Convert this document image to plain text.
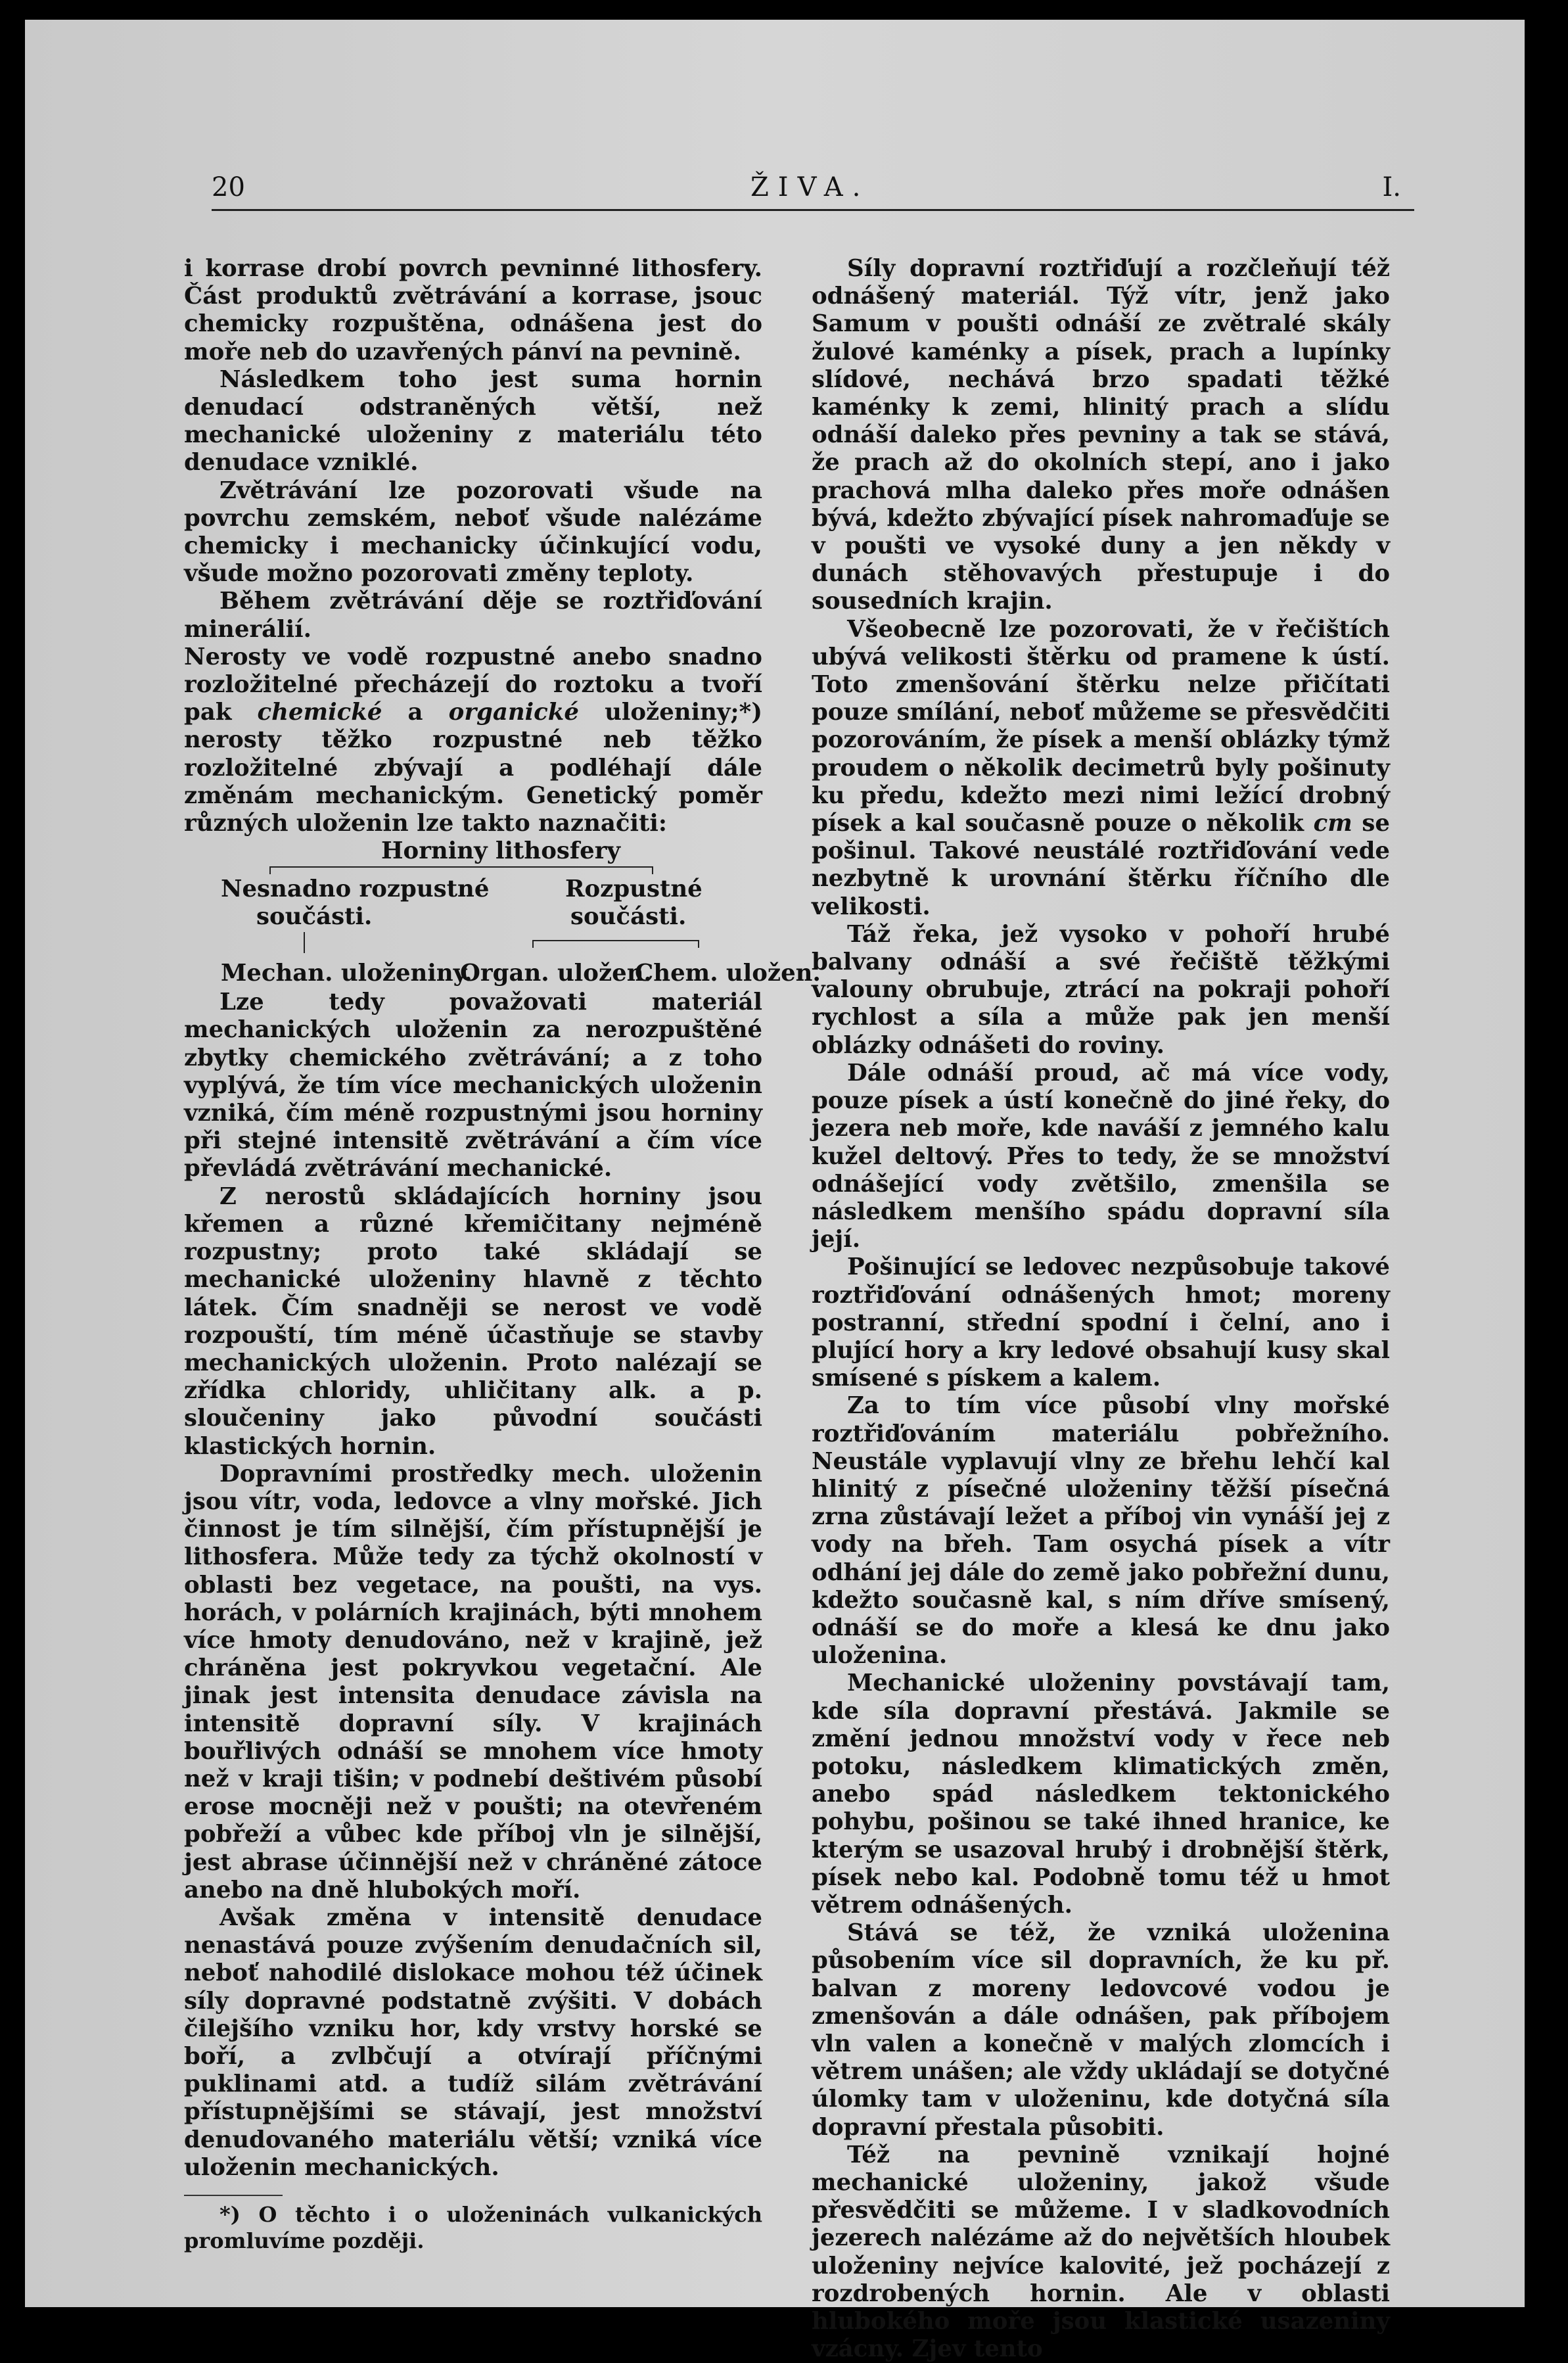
20	ŽIVA.	I.

i korrase drobí povrch pevninné lithosfery. Část produktů zvětrávání a korrase, jsouc chemicky rozpuštěna, odnášena jest do moře neb do uzavřených pánví na pevnině.

Následkem toho jest suma hornin denudací odstraněných větší, než mechanické uloženiny z materiálu této denudace vzniklé.

Zvětrávání lze pozorovati všude na povrchu zemském, neboť všude nalézáme chemicky i mechanicky účinkující vodu, všude možno pozorovati změny teploty.

Během zvětrávání děje se roztřiďování minerálií.

Nerosty ve vodě rozpustné anebo snadno rozložitelné přecházejí do roztoku a tvoří pak chemické a organické uloženiny;*) nerosty těžko rozpustné neb těžko rozložitelné zbývají a podléhají dále změnám mechanickým. Genetický poměr různých uloženin lze takto naznačiti:

Horniny lithosfery
Nesnadno rozpustné
součásti.
Rozpustné
součásti.
Mechan. uloženiny.
Organ. uložen.
Chem. uložen.

Lze tedy považovati materiál mechanických uloženin za nerozpuštěné zbytky chemického zvětrávání; a z toho vyplývá, že tím více mechanických uloženin vzniká, čím méně rozpustnými jsou horniny při stejné intensitě zvětrávání a čím více převládá zvětrávání mechanické.

Z nerostů skládajících horniny jsou křemen a různé křemičitany nejméně rozpustny; proto také skládají se mechanické uloženiny hlavně z těchto látek. Čím snadněji se nerost ve vodě rozpouští, tím méně účastňuje se stavby mechanických uloženin. Proto nalézají se zřídka chloridy, uhličitany alk. a p. sloučeniny jako původní součásti klastických hornin.

Dopravními prostředky mech. uloženin jsou vítr, voda, ledovce a vlny mořské. Jich činnost je tím silnější, čím přístupnější je lithosfera. Může tedy za týchž okolností v oblasti bez vegetace, na poušti, na vys. horách, v polárních krajinách, býti mnohem více hmoty denudováno, než v krajině, jež chráněna jest pokryvkou vegetační. Ale jinak jest intensita denudace závisla na intensitě dopravní síly. V krajinách bouřlivých odnáší se mnohem více hmoty než v kraji tišin; v podnebí deštivém působí erose mocněji než v poušti; na otevřeném pobřeží a vůbec kde příboj vln je silnější, jest abrase účinnější než v chráněné zátoce anebo na dně hlubokých moří.

Avšak změna v intensitě denudace nenastává pouze zvýšením denudačních sil, neboť nahodilé dislokace mohou též účinek síly dopravné podstatně zvýšiti. V dobách čilejšího vzniku hor, kdy vrstvy horské se boří, a zvlbčují a otvírají příčnými puklinami atd. a tudíž silám zvětrávání přístupnějšími se stávají, jest množství denudovaného materiálu větší; vzniká více uloženin mechanických.

*) O těchto i o uloženinách vulkanických promluvíme později.

Síly dopravní roztřiďují a rozčleňují též odnášený materiál. Týž vítr, jenž jako Samum v poušti odnáší ze zvětralé skály žulové kaménky a písek, prach a lupínky slídové, nechává brzo spadati těžké kaménky k zemi, hlinitý prach a slídu odnáší daleko přes pevniny a tak se stává, že prach až do okolních stepí, ano i jako prachová mlha daleko přes moře odnášen bývá, kdežto zbývající písek nahromaďuje se v poušti ve vysoké duny a jen někdy v dunách stěhovavých přestupuje i do sousedních krajin.

Všeobecně lze pozorovati, že v řečištích ubývá velikosti štěrku od pramene k ústí. Toto zmenšování štěrku nelze přičítati pouze smílání, neboť můžeme se přesvědčiti pozorováním, že písek a menší oblázky týmž proudem o několik decimetrů byly pošinuty ku předu, kdežto mezi nimi ležící drobný písek a kal současně pouze o několik cm se pošinul. Takové neustálé roztřiďování vede nezbytně k urovnání štěrku říčního dle velikosti.

Táž řeka, jež vysoko v pohoří hrubé balvany odnáší a své řečiště těžkými valouny obrubuje, ztrácí na pokraji pohoří rychlost a síla a může pak jen menší oblázky odnášeti do roviny.

Dále odnáší proud, ač má více vody, pouze písek a ústí konečně do jiné řeky, do jezera neb moře, kde naváší z jemného kalu kužel deltový. Přes to tedy, že se množství odnášející vody zvětšilo, zmenšila se následkem menšího spádu dopravní síla její.

Pošinující se ledovec nezpůsobuje takové roztřiďování odnášených hmot; moreny postranní, střední spodní i čelní, ano i plující hory a kry ledové obsahují kusy skal smísené s pískem a kalem.

Za to tím více působí vlny mořské roztřiďováním materiálu pobřežního. Neustále vyplavují vlny ze břehu lehčí kal hlinitý z písečné uloženiny těžší písečná zrna zůstávají ležet a příboj vin vynáší jej z vody na břeh. Tam osychá písek a vítr odhání jej dále do země jako pobřežní dunu, kdežto současně kal, s ním dříve smísený, odnáší se do moře a klesá ke dnu jako uloženina.

Mechanické uloženiny povstávají tam, kde síla dopravní přestává. Jakmile se změní jednou množství vody v řece neb potoku, následkem klimatických změn, anebo spád následkem tektonického pohybu, pošinou se také ihned hranice, ke kterým se usazoval hrubý i drobnější štěrk, písek nebo kal. Podobně tomu též u hmot větrem odnášených.

Stává se též, že vzniká uloženina působením více sil dopravních, že ku př. balvan z moreny ledovcové vodou je zmenšován a dále odnášen, pak příbojem vln valen a konečně v malých zlomcích i větrem unášen; ale vždy ukládají se dotyčné úlomky tam v uloženinu, kde dotyčná síla dopravní přestala působiti.

Též na pevnině vznikají hojné mechanické uloženiny, jakož všude přesvědčiti se můžeme. I v sladkovodních jezerech nalézáme až do největších hloubek uloženiny nejvíce kalovité, jež pocházejí z rozdrobených hornin. Ale v oblasti hlubokého moře jsou klastické usazeniny vzácny. Zjev tento
